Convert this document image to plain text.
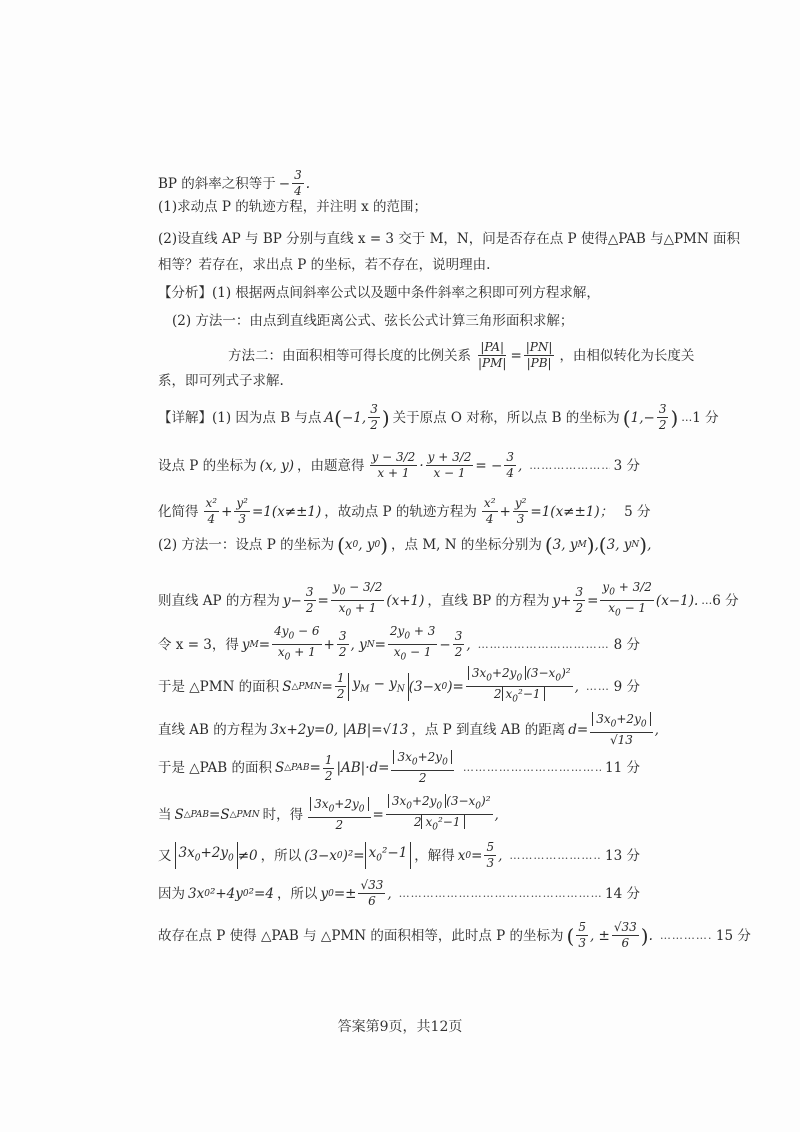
BP 的斜率之积等于 − $\frac{3}{4}$ .
(1)求动点 P 的轨迹方程，并注明 x 的范围；
(2)设直线 AP 与 BP 分别与直线 x = 3 交于 M，N，问是否存在点 P 使得△PAB 与△PMN 面积
相等？若存在，求出点 P 的坐标，若不存在，说明理由.
【分析】(1) 根据两点间斜率公式以及题中条件斜率之积即可列方程求解，
(2) 方法一：由点到直线距离公式、弦长公式计算三角形面积求解；
方法二：由面积相等可得长度的比例关系 $\frac{|PA|}{|PM|} = \frac{|PN|}{|PB|}$ ，由相似转化为长度关
系，即可列式子求解.
【详解】(1) 因为点 B 与点 A ( −1, $\frac{3}{2}$ ) 关于原点 O 对称，所以点 B 的坐标为 ( $1,- \frac{3}{2}$ ) … 1 分
设点 P 的坐标为 (x, y) ，由题意得 $\frac{y - 3/2}{x + 1} \cdot \frac{y + 3/2}{x - 1}$ = − $\frac{3}{4}$ , ……………………………………………………………………………………………………	3 分
化简得 $\frac{\text{x²}}{4} + \frac{\text{y²}}{3} =1(x\ne\pm 1)$ ，故动点 P 的轨迹方程为 $\frac{\text{x²}}{4} + \frac{\text{y²}}{3} =1(x\ne\pm 1)$； 5 分
(2) 方法一：设点 P 的坐标为 ( x 0 , y 0 ) ，点 M, N 的坐标分别为 ( 3, y M ) , ( 3, y N ) ,
则直线 AP 的方程为 $y- \frac{3}{2} = \frac{y_0 - 3/2}{x_0 + 1} (x+1)$ ，直线 BP 的方程为 $y+ \frac{3}{2} = \frac{y_0 + 3/2}{x_0 - 1} (x-1)$. … 6 分
令 x = 3，得 y $M = \frac{4y_0 - 6}{x_0 + 1} + \frac{3}{2}$ , y $N = \frac{2y_0 + 3}{x_0 - 1} - \frac{3}{2}$ , ……………………………………………………………………………………………………	8 分
于是 △PMN 的面积 S △PMN = $\frac{1}{2} y_M - y_N$ (3−x 0 )= $\frac{3x_0+2y_0 (3-x_0)^2}{2 x_0^2-1}$ , ……………………………………………………………………………………………………	9 分
直线 AB 的方程为 3x+2y=0, |AB|=√13 ，点 P 到直线 AB 的距离 $d= \frac{3x_0+2y_0}{√13}$ ,
于是 △PAB 的面积 S △PAB = $\frac{1}{2} |AB|\cdot d= \frac{3x_0+2y_0}{2}$ ……………………………………………………………………………………………………	11 分
当 S △PAB =S △PMN 时，得 $\frac{3x_0+2y_0}{2} = \frac{3x_0+2y_0 (3-x_0)^2}{2 x_0^2-1}$ ,
又 $3x_0+2y_0 \ne 0$ ，所以 (3−x 0 )$^2= x_0^2-1$ ，解得 x $0 = \frac{5}{3}$ , ……………………………………………………………………………………………………	13 分
因为 3x 0 ²+4y 0 ²=4 ，所以 y $0 =\pm \frac{√33}{6}$ , ……………………………………………………………………………………………………	14 分
故存在点 P 使得 △PAB 与 △PMN 的面积相等，此时点 P 的坐标为 ( $\frac{5}{3}$ , ± $\frac{√33}{6}$ ) . ……………………………………………………………………………………………………	15 分
答案第9页，共12页
